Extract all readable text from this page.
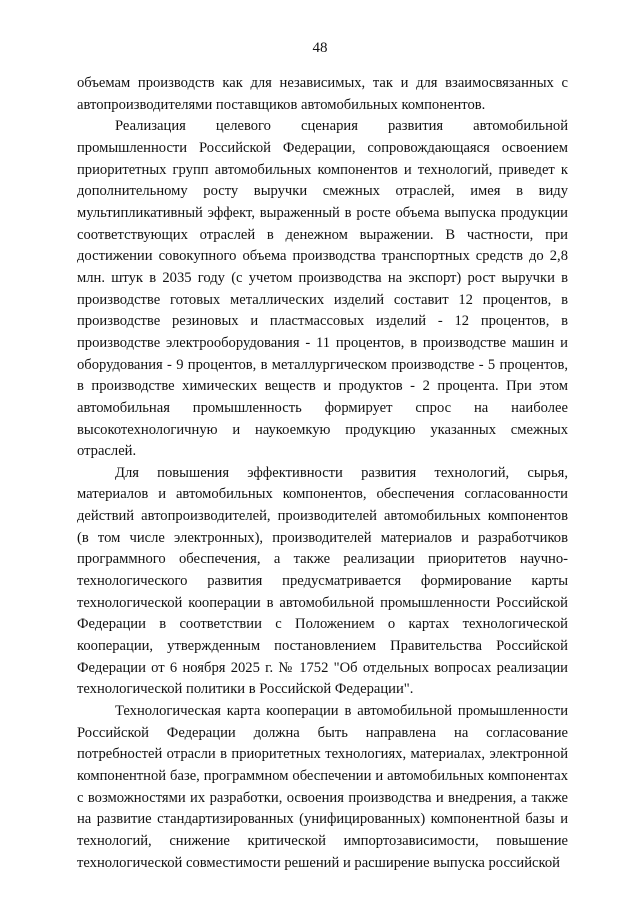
48

объемам производств как для независимых, так и для взаимосвязанных с автопроизводителями поставщиков автомобильных компонентов.

Реализация целевого сценария развития автомобильной промышленности Российской Федерации, сопровождающаяся освоением приоритетных групп автомобильных компонентов и технологий, приведет к дополнительному росту выручки смежных отраслей, имея в виду мультипликативный эффект, выраженный в росте объема выпуска продукции соответствующих отраслей в денежном выражении. В частности, при достижении совокупного объема производства транспортных средств до 2,8 млн. штук в 2035 году (с учетом производства на экспорт) рост выручки в производстве готовых металлических изделий составит 12 процентов, в производстве резиновых и пластмассовых изделий - 12 процентов, в производстве электрооборудования - 11 процентов, в производстве машин и оборудования - 9 процентов, в металлургическом производстве - 5 процентов, в производстве химических веществ и продуктов - 2 процента. При этом автомобильная промышленность формирует спрос на наиболее высокотехнологичную и наукоемкую продукцию указанных смежных отраслей.

Для повышения эффективности развития технологий, сырья, материалов и автомобильных компонентов, обеспечения согласованности действий автопроизводителей, производителей автомобильных компонентов (в том числе электронных), производителей материалов и разработчиков программного обеспечения, а также реализации приоритетов научно-технологического развития предусматривается формирование карты технологической кооперации в автомобильной промышленности Российской Федерации в соответствии с Положением о картах технологической кооперации, утвержденным постановлением Правительства Российской Федерации от 6 ноября 2025 г. № 1752 "Об отдельных вопросах реализации технологической политики в Российской Федерации".

Технологическая карта кооперации в автомобильной промышленности Российской Федерации должна быть направлена на согласование потребностей отрасли в приоритетных технологиях, материалах, электронной компонентной базе, программном обеспечении и автомобильных компонентах с возможностями их разработки, освоения производства и внедрения, а также на развитие стандартизированных (унифицированных) компонентной базы и технологий, снижение критической импортозависимости, повышение технологической совместимости решений и расширение выпуска российской
